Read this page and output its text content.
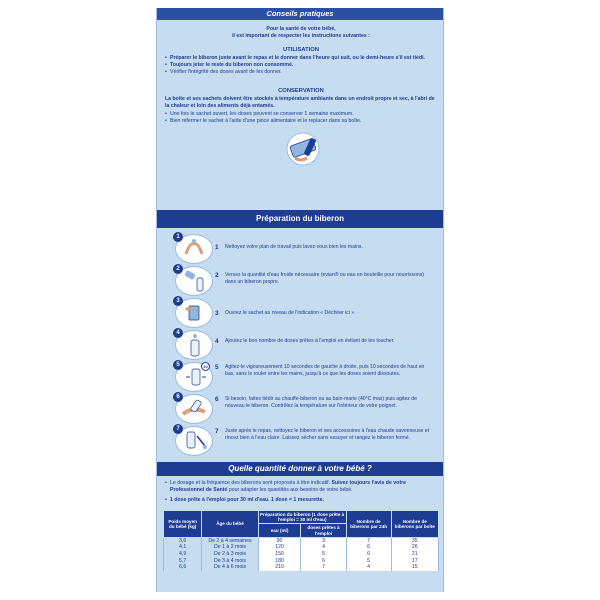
Conseils pratiques
Pour la santé de votre bébé,
il est important de respecter les instructions suivantes :
UTILISATION
• Préparer le biberon juste avant le repas et le donner dans l'heure qui suit, ou le demi-heure s'il est tiédi.
• Toujours jeter le reste du biberon non consommé.
• Vérifier l'intégrité des doses avant de les donner.
CONSERVATION
La boîte et ses sachets doivent être stockés à température ambiante dans un endroit propre et sec, à l'abri de la chaleur et loin des aliments déjà entamés.
• Une fois le sachet ouvert, les doses peuvent se conserver 1 semaine maximum.
• Bien refermer le sachet à l'aide d'une pince alimentaire et le replacer dans sa boîte.
Préparation du biberon
1
1 Nettoyez votre plan de travail puis lavez-vous bien les mains.
2
2 Versez la quantité d'eau froide nécessaire (evian® ou eau en bouteille pour nourrissons) dans un biberon propre.
3
3 Ouvrez le sachet au niveau de l'indication « Déchirer ici ».
4
4 Ajoutez le bon nombre de doses prêtes à l'emploi en évitant de les toucher.
5	10	5 Agitez-le vigoureusement 10 secondes de gauche à droite, puis 10 secondes de haut en bas, sans le rouler entre les mains, jusqu'à ce que les doses soient dissoutes.
6	6 Si besoin, faites tiédir au chauffe-biberon ou au bain-marie (40°C max) puis agitez de nouveau le biberon. Contrôlez la température sur l'intérieur de votre poignet.
7	7 Juste après le repas, nettoyez le biberon et ses accessoires à l'eau chaude savonneuse et rincez bien à l'eau claire. Laissez sécher sans essuyer et rangez le biberon fermé.
Quelle quantité donner à votre bébé ?
• Le dosage et la fréquence des biberons sont proposés à titre indicatif. Suivez toujours l'avis de votre Professionnel de Santé pour adapter les quantités aux besoins de votre bébé.
• 1 dose prête à l'emploi pour 30 ml d'eau. 1 dose = 1 mesurette.
Poids moyen du bébé (kg)	Âge du bébé	Préparation du biberon (1 dose prête à l'emploi = 30 ml d'eau)		Nombre de biberons par 24h	Nombre de biberons par boîte
		eau (ml)	doses prêtes à l'emploi		
3,6	De 2 à 4 semaines	90	3	7	35
4,1	De 1 à 2 mois	120	4	6	26
4,9	De 2 à 3 mois	150	5	6	21
5,7	De 3 à 4 mois	180	6	5	17
6,6	De 4 à 6 mois	210	7	4	15
